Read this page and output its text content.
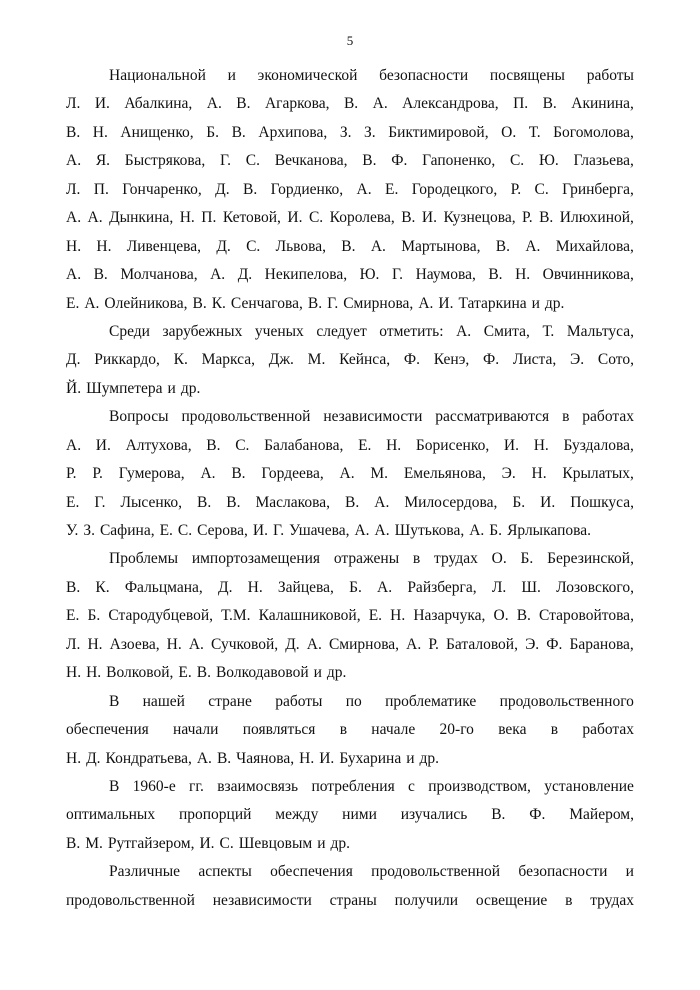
5
Национальной и экономической безопасности посвящены работы
Л. И. Абалкина, А. В. Агаркова, В. А. Александрова, П. В. Акинина,
В. Н. Анищенко, Б. В. Архипова, З. З. Биктимировой, О. Т. Богомолова,
А. Я. Быстрякова, Г. С. Вечканова, В. Ф. Гапоненко, С. Ю. Глазьева,
Л. П. Гончаренко, Д. В. Гордиенко, А. Е. Городецкого, Р. С. Гринберга,
А. А. Дынкина, Н. П. Кетовой, И. С. Королева, В. И. Кузнецова, Р. В. Илюхиной,
Н. Н. Ливенцева, Д. С. Львова, В. А. Мартынова, В. А. Михайлова,
А. В. Молчанова, А. Д. Некипелова, Ю. Г. Наумова, В. Н. Овчинникова,
Е. А. Олейникова, В. К. Сенчагова, В. Г. Смирнова, А. И. Татаркина и др.
Среди зарубежных ученых следует отметить: А. Смита, Т. Мальтуса,
Д. Риккардо, К. Маркса, Дж. М. Кейнса, Ф. Кенэ, Ф. Листа, Э. Сото,
Й. Шумпетера и др.
Вопросы продовольственной независимости рассматриваются в работах
А. И. Алтухова, В. С. Балабанова, Е. Н. Борисенко, И. Н. Буздалова,
Р. Р. Гумерова, А. В. Гордеева, А. М. Емельянова, Э. Н. Крылатых,
Е. Г. Лысенко, В. В. Маслакова, В. А. Милосердова, Б. И. Пошкуса,
У. З. Сафина, Е. С. Серова, И. Г. Ушачева, А. А. Шутькова, А. Б. Ярлыкапова.
Проблемы импортозамещения отражены в трудах О. Б. Березинской,
В. К. Фальцмана, Д. Н. Зайцева, Б. А. Райзберга, Л. Ш. Лозовского,
Е. Б. Стародубцевой, Т.М. Калашниковой, Е. Н. Назарчука, О. В. Старовойтова,
Л. Н. Азоева, Н. А. Сучковой, Д. А. Смирнова, А. Р. Баталовой, Э. Ф. Баранова,
Н. Н. Волковой, Е. В. Волкодавовой и др.
В нашей стране работы по проблематике продовольственного
обеспечения начали появляться в начале 20-го века в работах
Н. Д. Кондратьева, А. В. Чаянова, Н. И. Бухарина и др.
В 1960-е гг. взаимосвязь потребления с производством, установление
оптимальных пропорций между ними изучались В. Ф. Майером,
В. М. Рутгайзером, И. С. Шевцовым и др.
Различные аспекты обеспечения продовольственной безопасности и
продовольственной независимости страны получили освещение в трудах
